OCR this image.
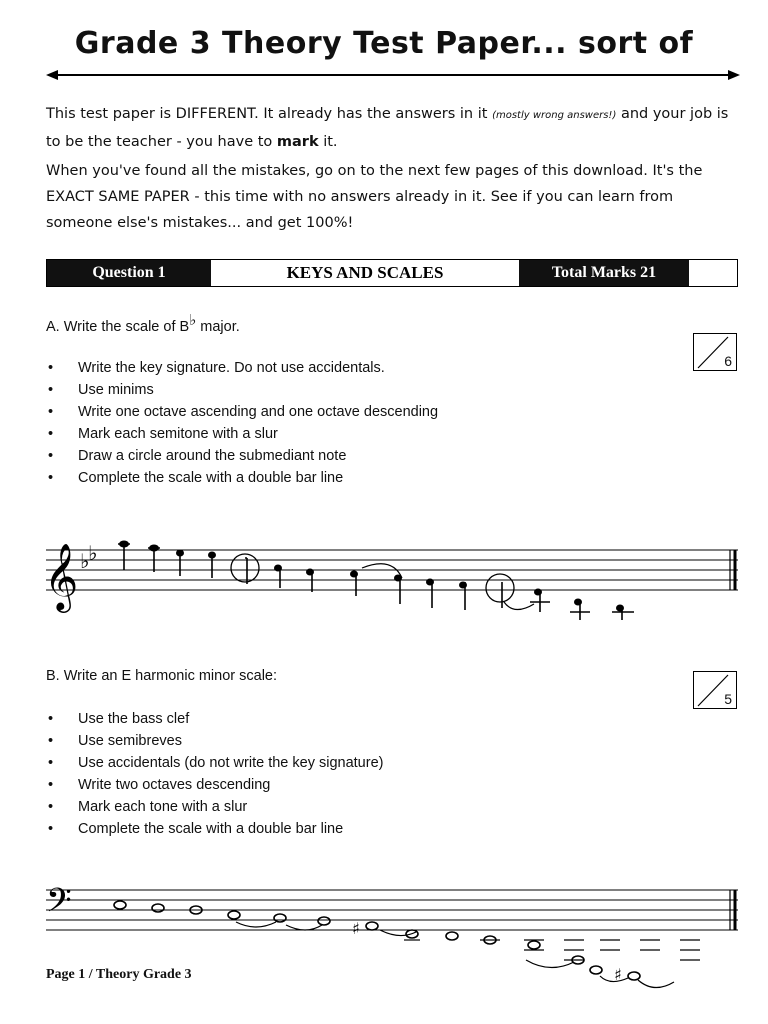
Grade 3 Theory Test Paper... sort of
This test paper is DIFFERENT. It already has the answers in it (mostly wrong answers!) and your job is to be the teacher - you have to mark it.
When you've found all the mistakes, go on to the next few pages of this download. It's the EXACT SAME PAPER - this time with no answers already in it. See if you can learn from someone else's mistakes... and get 100%!
Question 1	KEYS AND SCALES	Total Marks 21
A. Write the scale of B♭ major.
6
• Write the key signature. Do not use accidentals.
• Use minims
• Write one octave ascending and one octave descending
• Mark each semitone with a slur
• Draw a circle around the submediant note
• Complete the scale with a double bar line
𝄞 ♭
♭
B. Write an E harmonic minor scale:
5
• Use the bass clef
• Use semibreves
• Use accidentals (do not write the key signature)
• Write two octaves descending
• Mark each tone with a slur
• Complete the scale with a double bar line
𝄢
♯
♯
Page 1 / Theory Grade 3
